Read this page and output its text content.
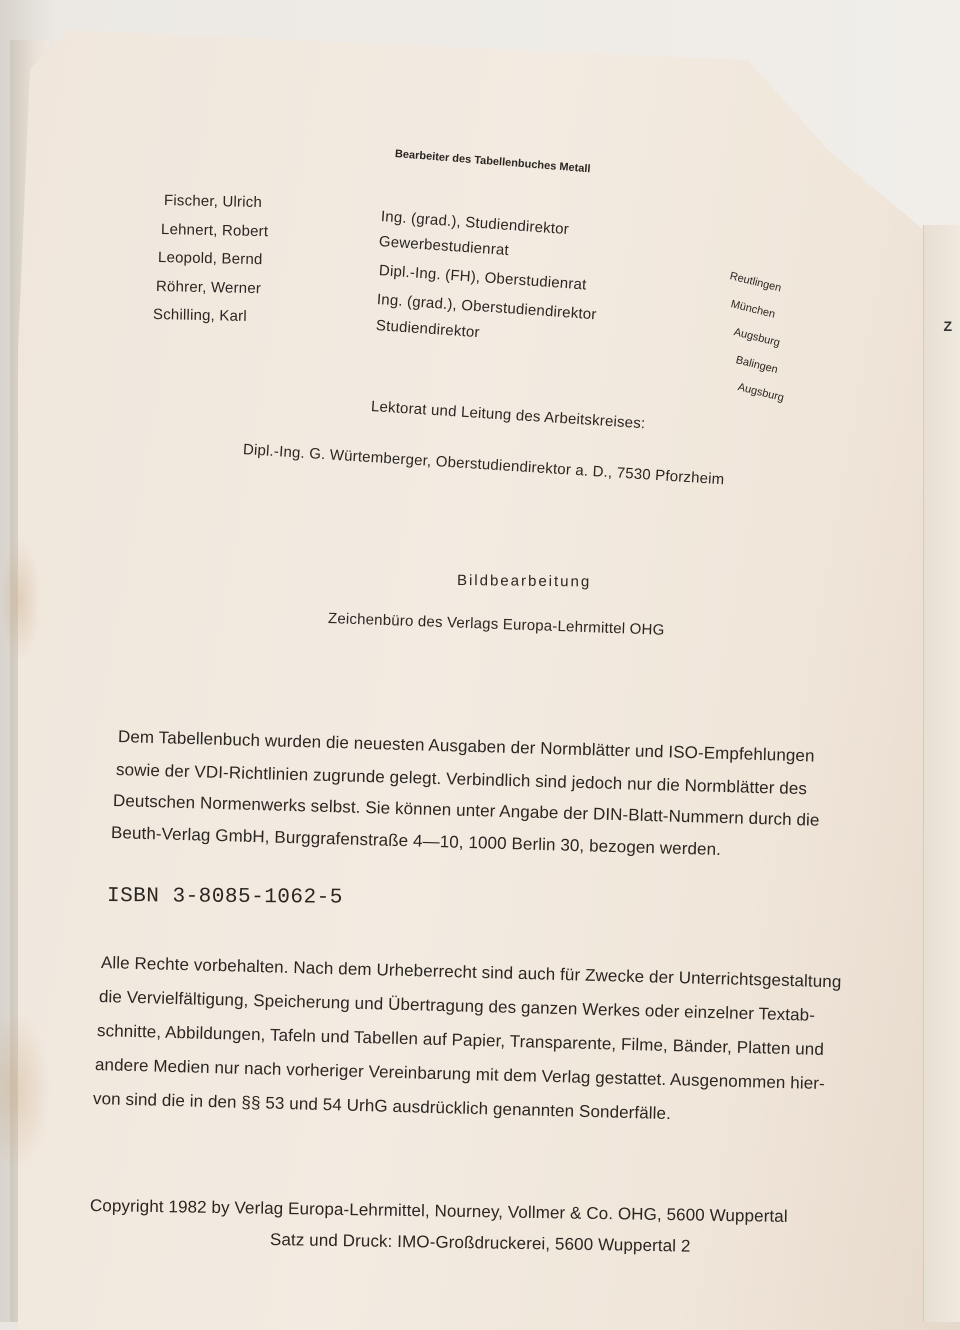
Z
Bearbeiter des Tabellenbuches Metall
Fischer, Ulrich
Lehnert, Robert
Leopold, Bernd
Röhrer, Werner
Schilling, Karl
Ing. (grad.), Studiendirektor
Gewerbestudienrat
Dipl.-Ing. (FH), Oberstudienrat
Ing. (grad.), Oberstudiendirektor
Studiendirektor
Reutlingen
München
Augsburg
Balingen
Augsburg
Lektorat und Leitung des Arbeitskreises:
Dipl.-Ing. G. Würtemberger, Oberstudiendirektor a. D., 7530 Pforzheim
Bildbearbeitung
Zeichenbüro des Verlags Europa-Lehrmittel OHG
Dem Tabellenbuch wurden die neuesten Ausgaben der Normblätter und ISO-Empfehlungen
sowie der VDI-Richtlinien zugrunde gelegt. Verbindlich sind jedoch nur die Normblätter des
Deutschen Normenwerks selbst. Sie können unter Angabe der DIN-Blatt-Nummern durch die
Beuth-Verlag GmbH, Burggrafenstraße 4—10, 1000 Berlin 30, bezogen werden.
ISBN 3-8085-1062-5
Alle Rechte vorbehalten. Nach dem Urheberrecht sind auch für Zwecke der Unterrichtsgestaltung
die Vervielfältigung, Speicherung und Übertragung des ganzen Werkes oder einzelner Textab-
schnitte, Abbildungen, Tafeln und Tabellen auf Papier, Transparente, Filme, Bänder, Platten und
andere Medien nur nach vorheriger Vereinbarung mit dem Verlag gestattet. Ausgenommen hier-
von sind die in den §§ 53 und 54 UrhG ausdrücklich genannten Sonderfälle.
Copyright 1982 by Verlag Europa-Lehrmittel, Nourney, Vollmer & Co. OHG, 5600 Wuppertal
Satz und Druck: IMO-Großdruckerei, 5600 Wuppertal 2
